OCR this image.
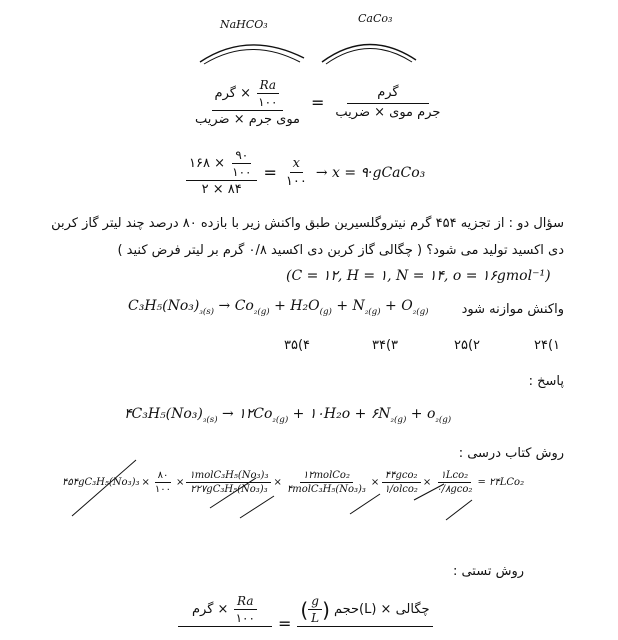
NaHCO₃	CaCo₃
$\frac{گرم \times \frac{Ra}{۱۰۰}}{\text{موی جرم × ضریب}} = \frac{\text{گرم}}{\text{جرم موی × ضریب}}$
$\frac{۱۶۸ \times \frac{۹۰}{۱۰۰}}{۲ \times ۸۴} = \frac{x}{۱۰۰} \to x$ = ۹·gCaCo₃
سؤال دو : از تجزیه ۴۵۴ گرم نیتروگلسیرین طبق واکنش زیر با بازده ۸۰ درصد چند لیتر گاز کربن
دی اکسید تولید می شود؟ ( چگالی گاز کربن دی اکسید ۰/۸ گرم بر لیتر فرض کنید )
(C = ۱۲, H = ۱, N = ۱۴, o = ۱۶gmol⁻¹)
$C_3H_5(No_3)_{_3(s)} \to Co_{_2(g)} + H_2O_{(g)} + N_{_2(g)} + O_{_2(g)}$	واکنش موازنه شود
۳۵(۴	۳۴(۳	۲۵(۲	۲۴(۱
پاسخ :
$۴C_3H_5(No_3)_{_3(s)}$ → $۱۲Co_{_2(g)}$ + ۱۰H₂o + $۶N_{_2(g)} + o_{_2(g)}$
روش کتاب درسی :
۴۵۴gC₃H₅(No₃)₃ × $\frac{۸۰}{۱۰۰} \times \frac{\text{۱molC₃H₅(No₃)₃}}{\text{۲۲۷gC₃H₅(No₃)₃}} \times \frac{\text{۱۲molCo₂}}{\text{۴molC₃H₅(No₃)₃}} \times \frac{\text{۴۴gco₂}}{\text{۱/olco₂}} \times \frac{\text{۱Lco₂}}{\text{۰/۸gco₂}}$ = ۲۴LCo₂
روش تستی :
گرم × $\frac{Ra}{۱۰۰}$ =
( $\frac{g}{L}$ ) حجم(L) × چگالی
